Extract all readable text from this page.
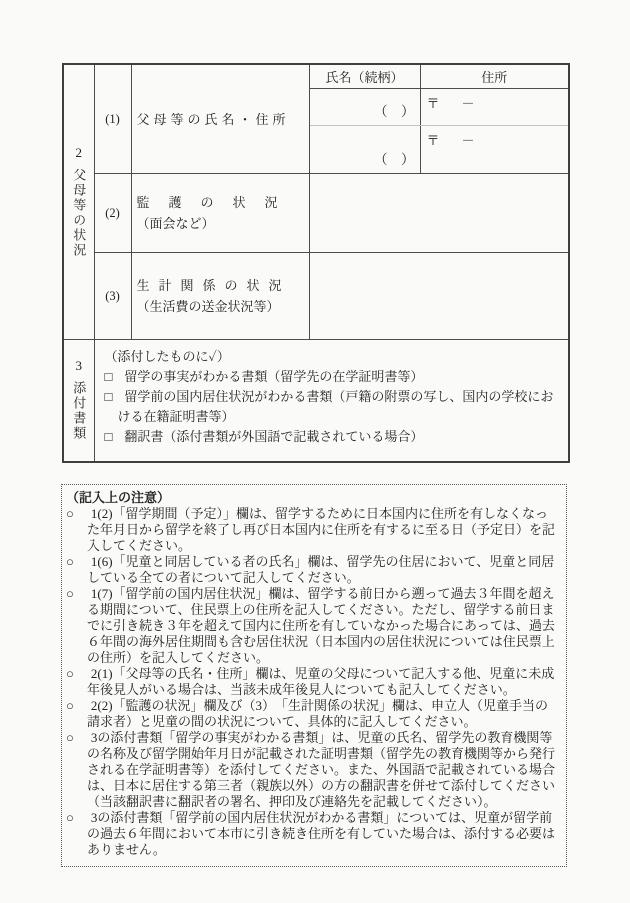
2
父母等の状況	(1)	父母等の氏名・住所	氏名（続柄）	住所
			（　）	〒 －
			（　）	〒 －
	(2)	監護の状況
（面会など）		
	(3)	生計関係の状況
（生活費の送金状況等）		

3
添付書類

（添付したものに✓）
□ 留学の事実がわかる書類（留学先の在学証明書等）
□ 留学前の国内居住状況がわかる書類（戸籍の附票の写し、国内の学校における在籍証明書等）
□ 翻訳書（添付書類が外国語で記載されている場合）
（記入上の注意）
○ 1(2)「留学期間（予定）」欄は、留学するために日本国内に住所を有しなくなった年月日から留学を終了し再び日本国内に住所を有するに至る日（予定日）を記入してください。
○ 1(6)「児童と同居している者の氏名」欄は、留学先の住居において、児童と同居している全ての者について記入してください。
○ 1(7)「留学前の国内居住状況」欄は、留学する前日から遡って過去３年間を超える期間について、住民票上の住所を記入してください。ただし、留学する前日までに引き続き３年を超えて国内に住所を有していなかった場合にあっては、過去６年間の海外居住期間も含む居住状況（日本国内の居住状況については住民票上の住所）を記入してください。
○ 2(1)「父母等の氏名・住所」欄は、児童の父母について記入する他、児童に未成年後見人がいる場合は、当該未成年後見人についても記入してください。
○ 2(2)「監護の状況」欄及び（3）　「生計関係の状況」欄は、申立人（児童手当の請求者）と児童の間の状況について、具体的に記入してください。
○ 3の添付書類「留学の事実がわかる書類」は、児童の氏名、留学先の教育機関等の名称及び留学開始年月日が記載された証明書類（留学先の教育機関等から発行される在学証明書等）を添付してください。また、外国語で記載されている場合は、日本に居住する第三者（親族以外）の方の翻訳書を併せて添付してください（当該翻訳書に翻訳者の署名、押印及び連絡先を記載してください）。
○ 3の添付書類「留学前の国内居住状況がわかる書類」については、児童が留学前の過去６年間において本市に引き続き住所を有していた場合は、添付する必要はありません。
